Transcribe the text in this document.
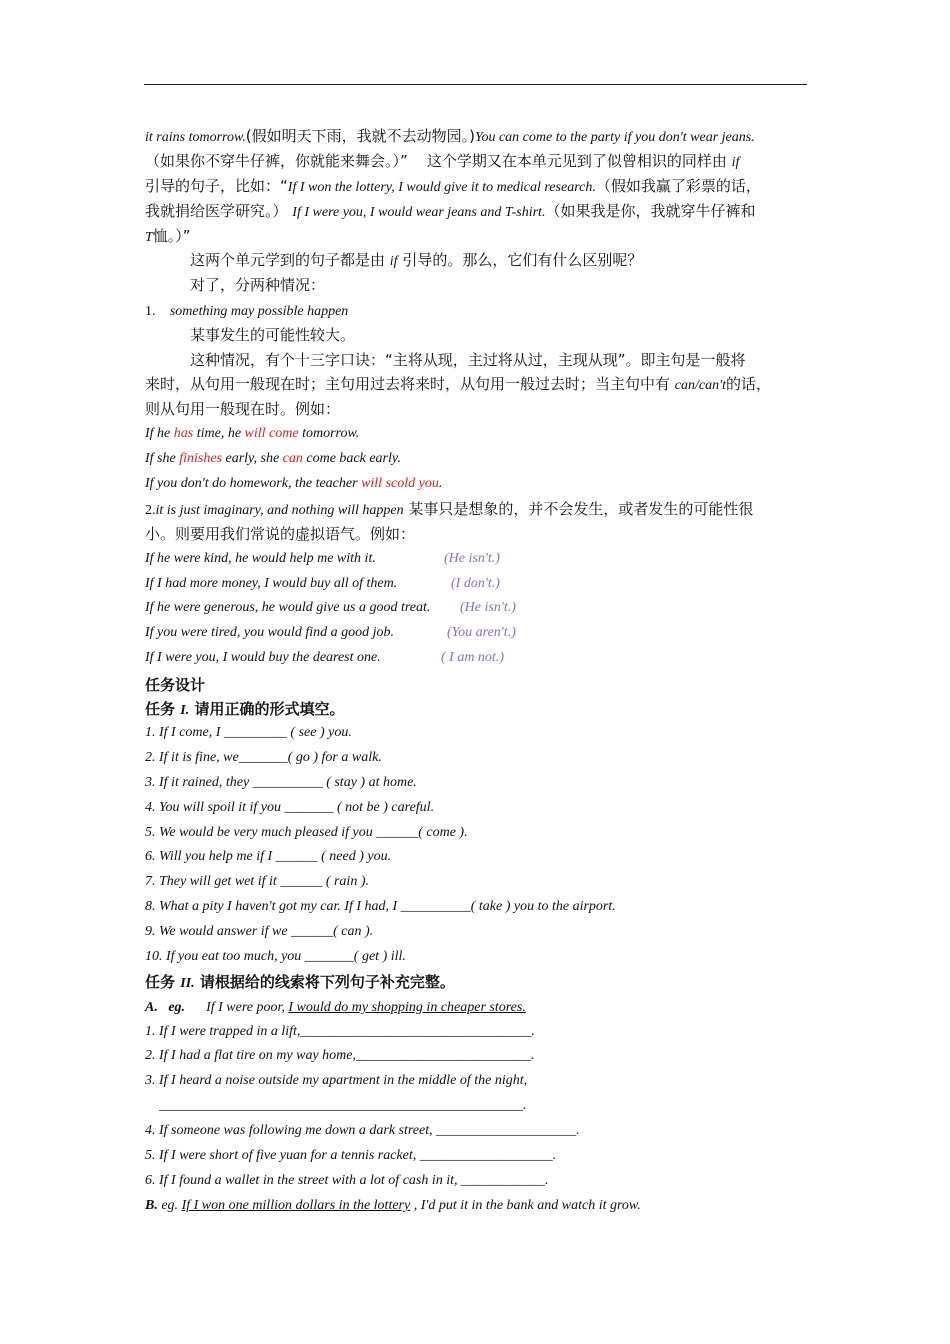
it rains tomorrow.(假如明天下雨，我就不去动物园。)You can come to the party if you don't wear jeans.
（如果你不穿牛仔裤，你就能来舞会。）” 这个学期又在本单元见到了似曾相识的同样由 if
引导的句子，比如：“If I won the lottery, I would give it to medical research.（假如我赢了彩票的话，
我就捐给医学研究。） If I were you, I would wear jeans and T-shirt.（如果我是你，我就穿牛仔裤和
T恤。）”
这两个单元学到的句子都是由 if 引导的。那么，它们有什么区别呢？
对了，分两种情况：
1. something may possible happen
某事发生的可能性较大。
这种情况，有个十三字口诀：“主将从现，主过将从过，主现从现”。即主句是一般将
来时，从句用一般现在时；主句用过去将来时，从句用一般过去时；当主句中有 can/can't的话，
则从句用一般现在时。例如：
If he has time, he will come tomorrow.
If she finishes early, she can come back early.
If you don't do homework, the teacher will scold you.
2.it is just imaginary, and nothing will happen 某事只是想象的，并不会发生，或者发生的可能性很
小。则要用我们常说的虚拟语气。例如：
If he were kind, he would help me with it.	(He isn't.)
If I had more money, I would buy all of them.	(I don't.)
If he were generous, he would give us a good treat. (He isn't.)
If you were tired, you would find a good job.	(You aren't.)
If I were you, I would buy the dearest one.	( I am not.)
任务设计
任务 I. 请用正确的形式填空。
1. If I come, I _________ ( see ) you.
2. If it is fine, we_______( go ) for a walk.
3. If it rained, they __________ ( stay ) at home.
4. You will spoil it if you _______ ( not be ) careful.
5. We would be very much pleased if you ______( come ).
6. Will you help me if I ______ ( need ) you.
7. They will get wet if it ______ ( rain ).
8. What a pity I haven't got my car. If I had, I __________( take ) you to the airport.
9. We would answer if we ______( can ).
10. If you eat too much, you _______( get ) ill.
任务 II. 请根据给的线索将下列句子补充完整。
A. eg. If I were poor, I would do my shopping in cheaper stores.
1. If I were trapped in a lift,_________________________________.
2. If I had a flat tire on my way home,_________________________.
3. If I heard a noise outside my apartment in the middle of the night,
____________________________________________________.
4. If someone was following me down a dark street, ____________________.
5. If I were short of five yuan for a tennis racket, ___________________.
6. If I found a wallet in the street with a lot of cash in it, ____________.
B. eg. If I won one million dollars in the lottery , I'd put it in the bank and watch it grow.
